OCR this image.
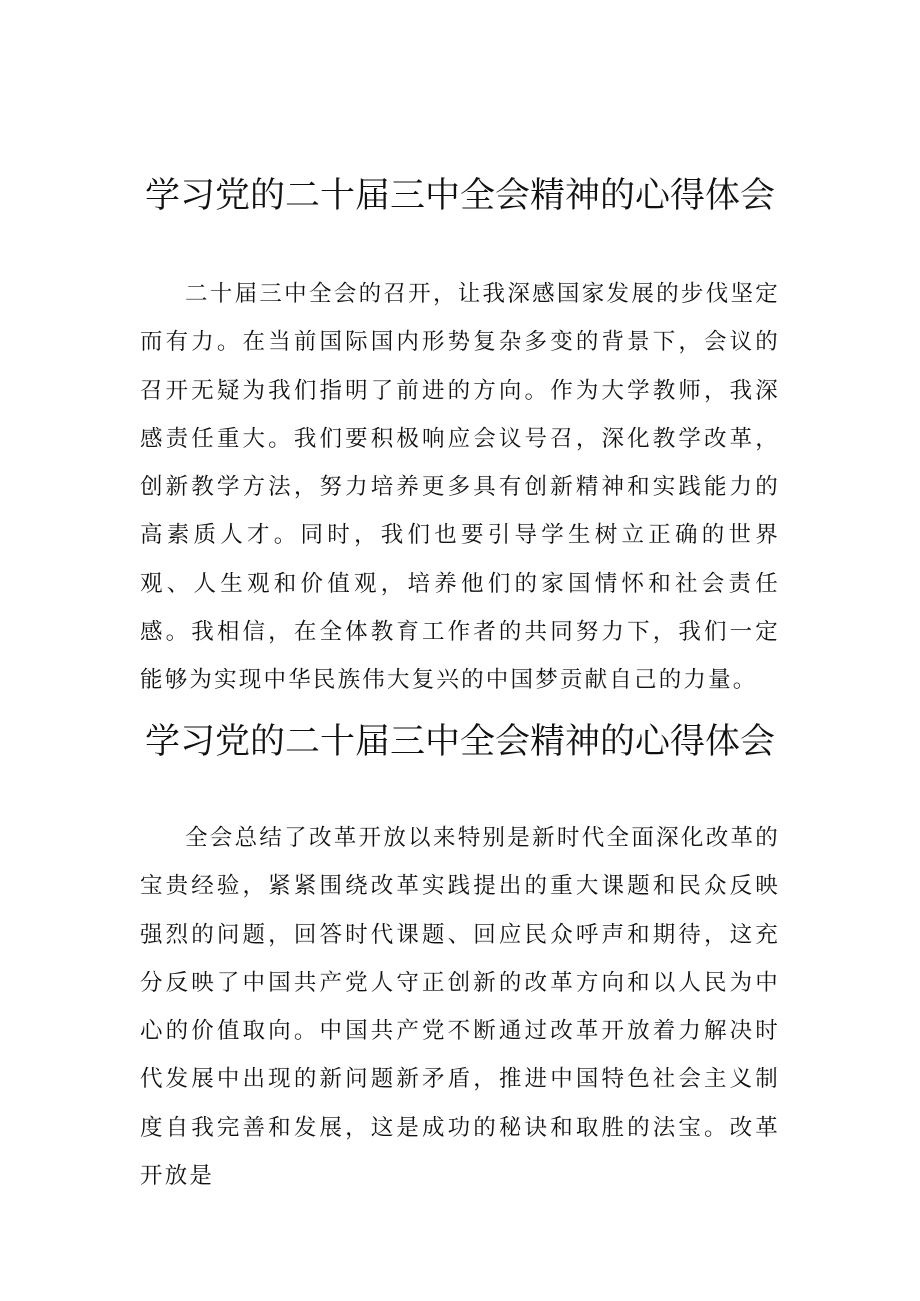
学习党的二十届三中全会精神的心得体会

二十届三中全会的召开，让我深感国家发展的步伐坚定而有力。在当前国际国内形势复杂多变的背景下，会议的召开无疑为我们指明了前进的方向。作为大学教师，我深感责任重大。我们要积极响应会议号召，深化教学改革，创新教学方法，努力培养更多具有创新精神和实践能力的高素质人才。同时，我们也要引导学生树立正确的世界观、人生观和价值观，培养他们的家国情怀和社会责任感。我相信，在全体教育工作者的共同努力下，我们一定能够为实现中华民族伟大复兴的中国梦贡献自己的力量。

学习党的二十届三中全会精神的心得体会

全会总结了改革开放以来特别是新时代全面深化改革的宝贵经验，紧紧围绕改革实践提出的重大课题和民众反映强烈的问题，回答时代课题、回应民众呼声和期待，这充分反映了中国共产党人守正创新的改革方向和以人民为中心的价值取向。中国共产党不断通过改革开放着力解决时代发展中出现的新问题新矛盾，推进中国特色社会主义制度自我完善和发展，这是成功的秘诀和取胜的法宝。改革开放是
